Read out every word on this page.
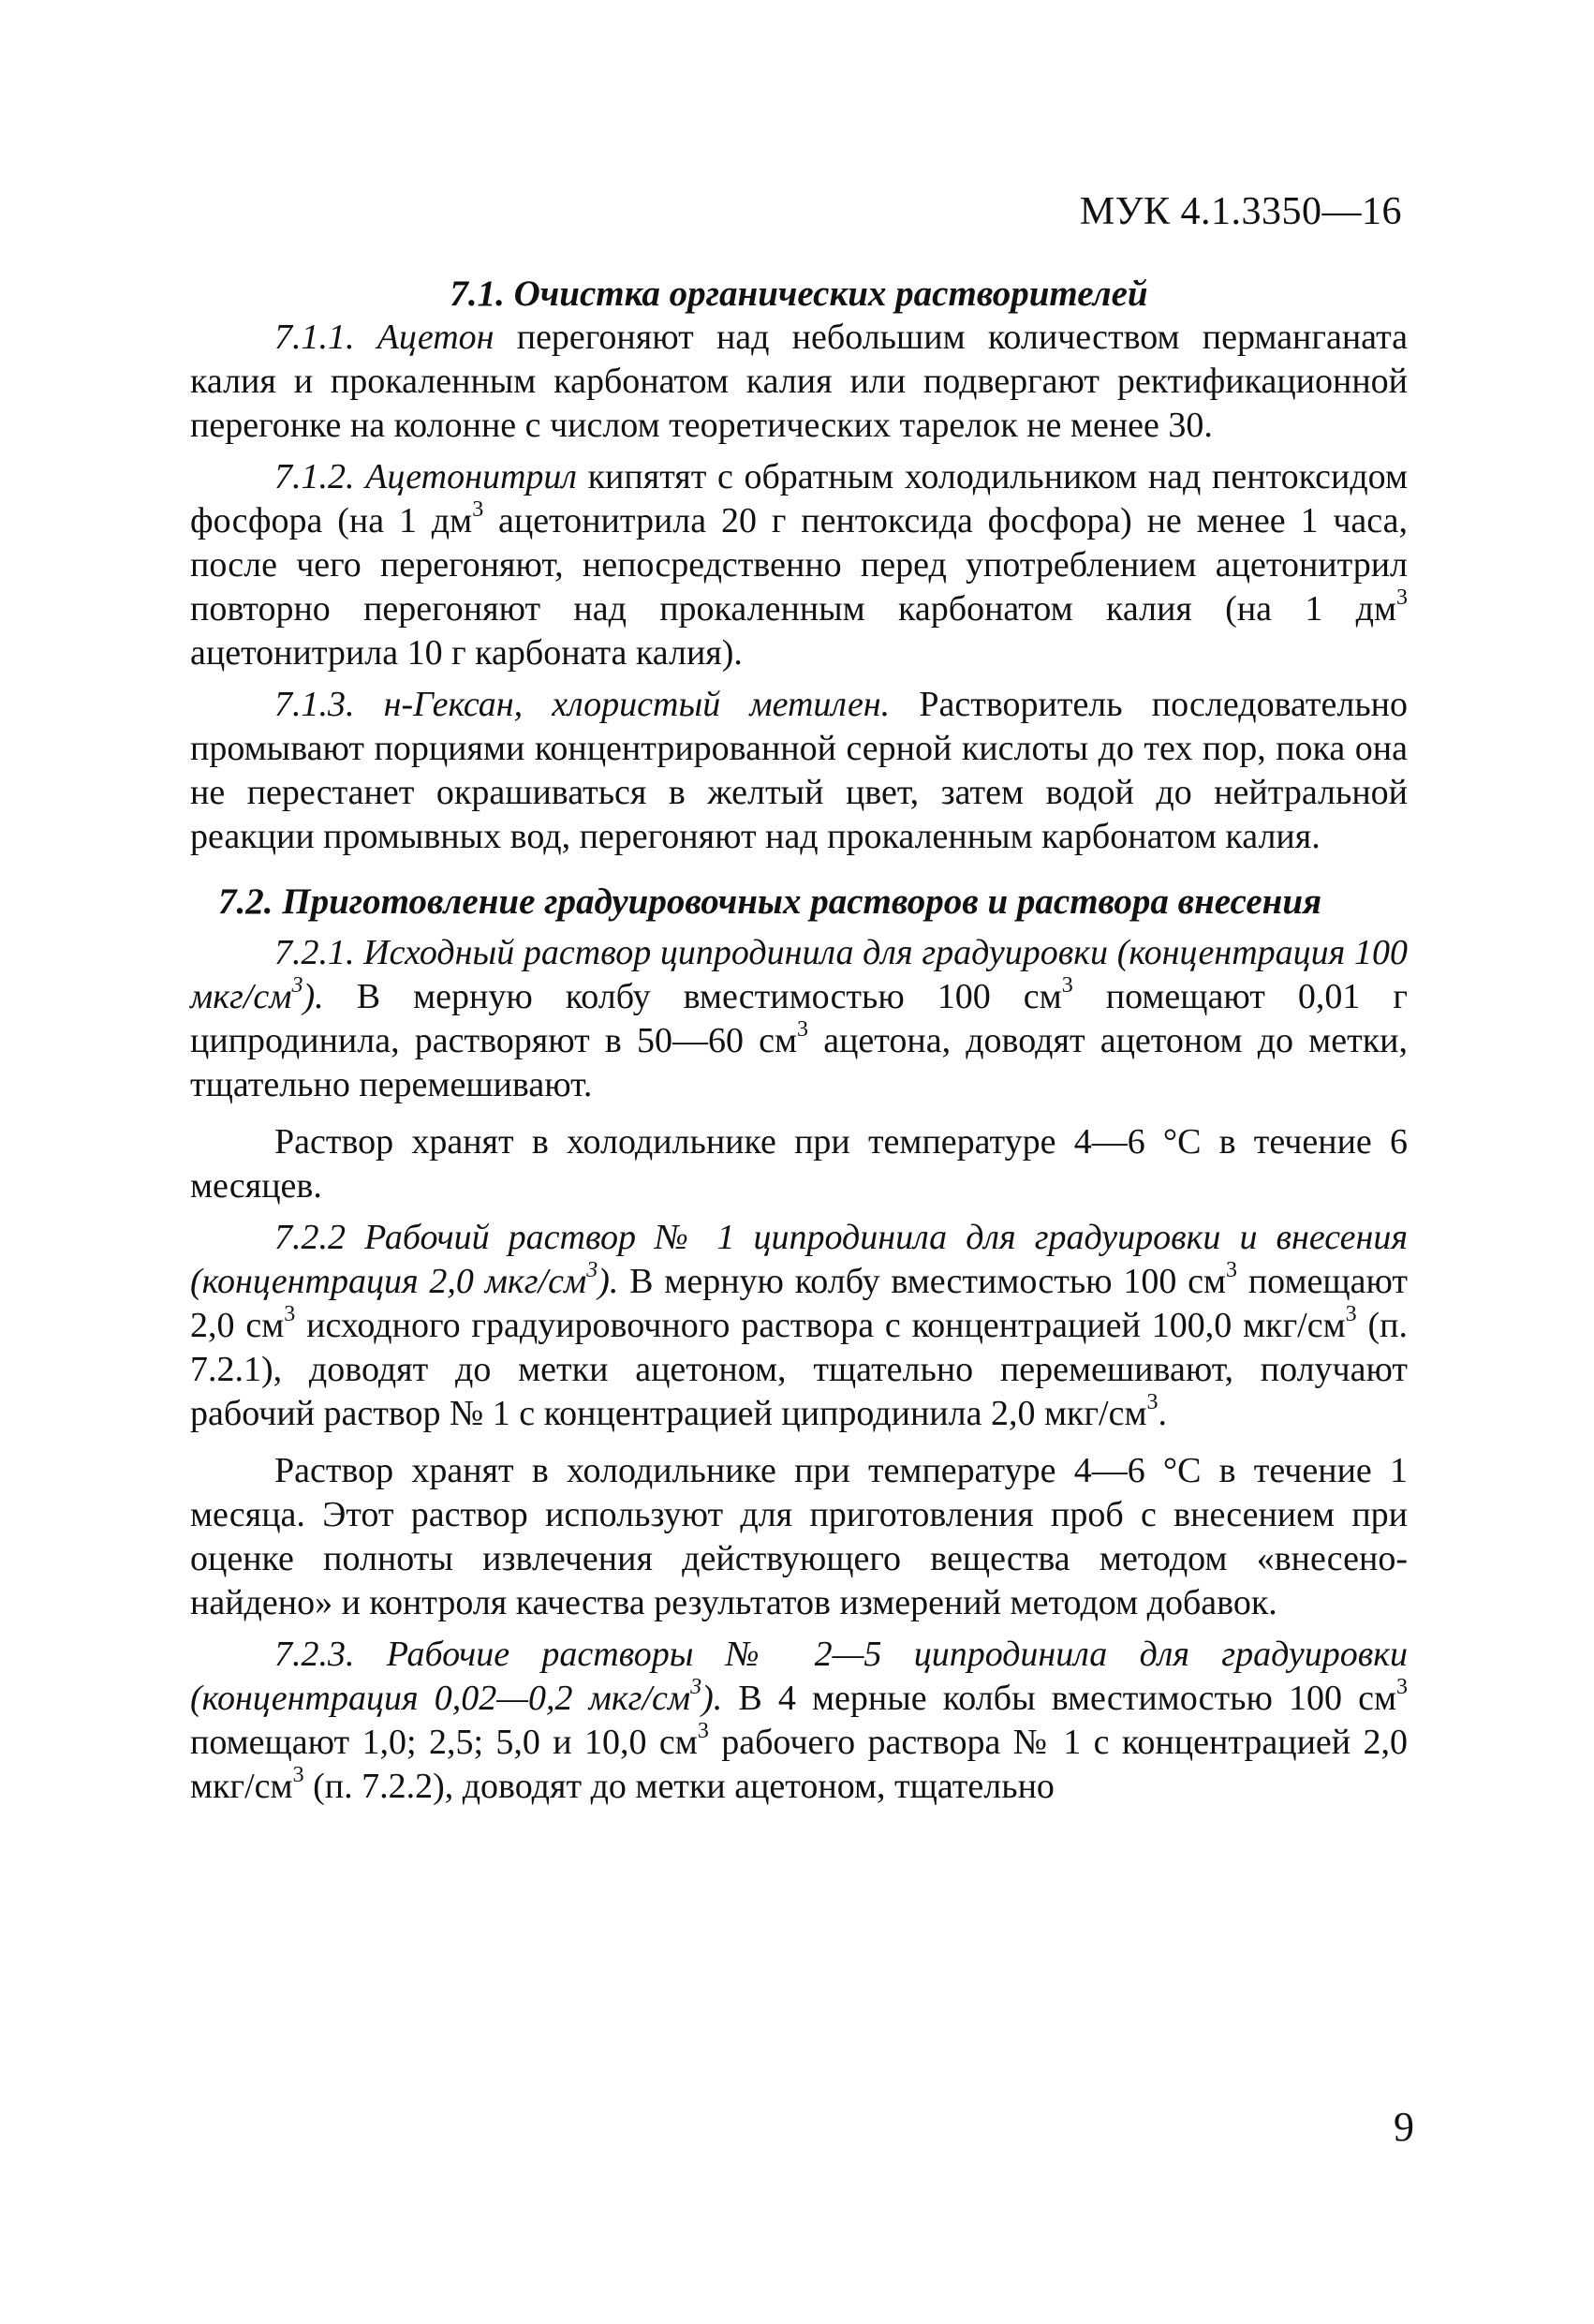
МУК 4.1.3350—16
7.1. Очистка органических растворителей

7.1.1. Ацетон перегоняют над небольшим количеством перманганата калия и прокаленным карбонатом калия или подвергают ректификационной перегонке на колонне с числом теоретических тарелок не менее 30.

7.1.2. Ацетонитрил кипятят с обратным холодильником над пентоксидом фосфора (на 1 $дм^3$ ацетонитрила 20 г пентоксида фосфора) не менее 1 часа, после чего перегоняют, непосредственно перед употреблением ацетонитрил повторно перегоняют над прокаленным карбонатом калия (на 1 $дм^3$ ацетонитрила 10 г карбоната калия).

7.1.3. н-Гексан, хлористый метилен. Растворитель последовательно промывают порциями концентрированной серной кислоты до тех пор, пока она не перестанет окрашиваться в желтый цвет, затем водой до нейтральной реакции промывных вод, перегоняют над прокаленным карбонатом калия.

7.2. Приготовление градуировочных растворов и раствора внесения

7.2.1. Исходный раствор ципродинила для градуировки (концентрация 100 мкг/$см^3$). В мерную колбу вместимостью 100 $см^3$ помещают 0,01 г ципродинила, растворяют в 50—60 $см^3$ ацетона, доводят ацетоном до метки, тщательно перемешивают.

Раствор хранят в холодильнике при температуре 4—6 °С в течение 6 месяцев.

7.2.2 Рабочий раствор № 1 ципродинила для градуировки и внесения (концентрация 2,0 мкг/$см^3$). В мерную колбу вместимостью 100 $см^3$ помещают 2,0 $см^3$ исходного градуировочного раствора с концентрацией 100,0 мкг/$см^3$ (п. 7.2.1), доводят до метки ацетоном, тщательно перемешивают, получают рабочий раствор № 1 с концентрацией ципродинила 2,0 мкг/$см^3$.

Раствор хранят в холодильнике при температуре 4—6 °С в течение 1 месяца. Этот раствор используют для приготовления проб с внесением при оценке полноты извлечения действующего вещества методом «внесено-найдено» и контроля качества результатов измерений методом добавок.

7.2.3. Рабочие растворы № 2—5 ципродинила для градуировки (концентрация 0,02—0,2 мкг/$см^3$). В 4 мерные колбы вместимостью 100 $см^3$ помещают 1,0; 2,5; 5,0 и 10,0 $см^3$ рабочего раствора № 1 с концентрацией 2,0 мкг/$см^3$ (п. 7.2.2), доводят до метки ацетоном, тщательно

9
